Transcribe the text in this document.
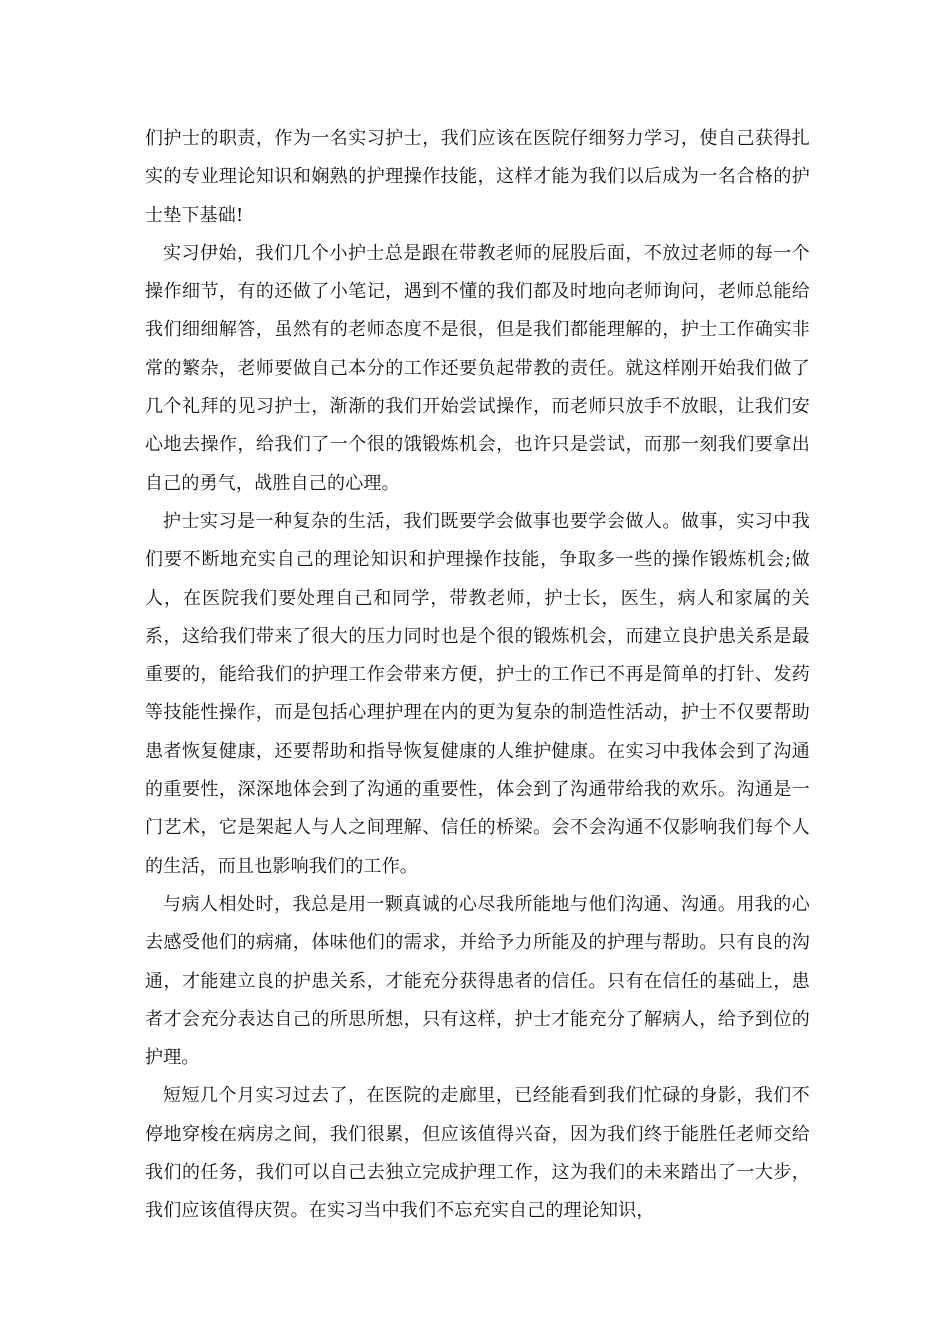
们护士的职责，作为一名实习护士，我们应该在医院仔细努力学习，使自己获得扎实的专业理论知识和娴熟的护理操作技能，这样才能为我们以后成为一名合格的护士垫下基础!

实习伊始，我们几个小护士总是跟在带教老师的屁股后面，不放过老师的每一个操作细节，有的还做了小笔记，遇到不懂的我们都及时地向老师询问，老师总能给我们细细解答，虽然有的老师态度不是很，但是我们都能理解的，护士工作确实非常的繁杂，老师要做自己本分的工作还要负起带教的责任。就这样刚开始我们做了几个礼拜的见习护士，渐渐的我们开始尝试操作，而老师只放手不放眼，让我们安心地去操作，给我们了一个很的饿锻炼机会，也许只是尝试，而那一刻我们要拿出自己的勇气，战胜自己的心理。

护士实习是一种复杂的生活，我们既要学会做事也要学会做人。做事，实习中我们要不断地充实自己的理论知识和护理操作技能，争取多一些的操作锻炼机会;做人，在医院我们要处理自己和同学，带教老师，护士长，医生，病人和家属的关系，这给我们带来了很大的压力同时也是个很的锻炼机会，而建立良护患关系是最重要的，能给我们的护理工作会带来方便，护士的工作已不再是简单的打针、发药等技能性操作，而是包括心理护理在内的更为复杂的制造性活动，护士不仅要帮助患者恢复健康，还要帮助和指导恢复健康的人维护健康。在实习中我体会到了沟通的重要性，深深地体会到了沟通的重要性，体会到了沟通带给我的欢乐。沟通是一门艺术，它是架起人与人之间理解、信任的桥梁。会不会沟通不仅影响我们每个人的生活，而且也影响我们的工作。

与病人相处时，我总是用一颗真诚的心尽我所能地与他们沟通、沟通。用我的心去感受他们的病痛，体味他们的需求，并给予力所能及的护理与帮助。只有良的沟通，才能建立良的护患关系，才能充分获得患者的信任。只有在信任的基础上，患者才会充分表达自己的所思所想，只有这样，护士才能充分了解病人，给予到位的护理。

短短几个月实习过去了，在医院的走廊里，已经能看到我们忙碌的身影，我们不停地穿梭在病房之间，我们很累，但应该值得兴奋，因为我们终于能胜任老师交给我们的任务，我们可以自己去独立完成护理工作，这为我们的未来踏出了一大步，我们应该值得庆贺。在实习当中我们不忘充实自己的理论知识，
